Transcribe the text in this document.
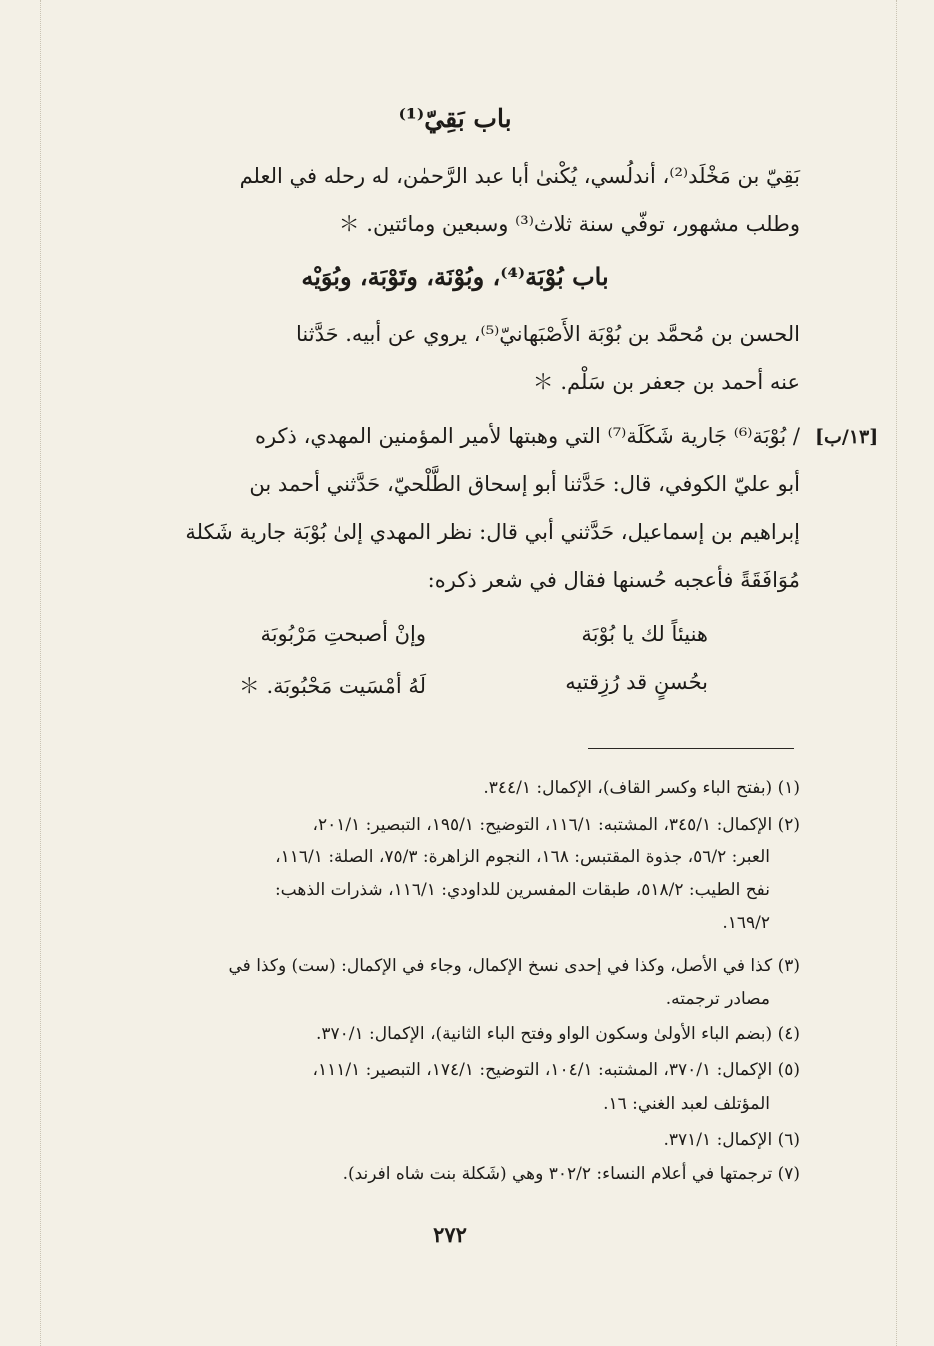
باب بَقِيّ⁽¹⁾
بَقِيّ بن مَخْلَد⁽²⁾، أندلُسي، يُكْنىٰ أبا عبد الرَّحمٰن، له رحله في العلم
وطلب مشهور، توفّي سنة ثلاث⁽³⁾ وسبعين ومائتين. ＊
باب بُوْبَة⁽⁴⁾، وبُوْنَة، وتَوْبَة، وبُوَيْه
الحسن بن مُحمَّد بن بُوْبَة الأَصْبَهانيّ⁽⁵⁾، يروي عن أبيه. حَدَّثنا
عنه أحمد بن جعفر بن سَلْم. ＊
[١٣/ب]
/ بُوْبَة⁽⁶⁾ جَارية شَكَلَة⁽⁷⁾ التي وهبتها لأمير المؤمنين المهدي، ذكره
أبو عليّ الكوفي، قال: حَدَّثنا أبو إسحاق الطَّلْحيّ، حَدَّثني أحمد بن
إبراهيم بن إسماعيل، حَدَّثني أبي قال: نظر المهدي إلىٰ بُوْبَة جارية شَكلة
مُوَافَقَةً فأعجبه حُسنها فقال في شعر ذكره:
هنيئاً لك يا بُوْبَة
وإنْ أصبحتِ مَرْبُوبَة
بحُسنٍ قد رُزِقتيه
لَهُ أمْسَيت مَحْبُوبَة. ＊
(١) (بفتح الباء وكسر القاف)، الإكمال: ٣٤٤/١.
(٢) الإكمال: ٣٤٥/١، المشتبه: ١١٦/١، التوضيح: ١٩٥/١، التبصير: ٢٠١/١،
العبر: ٥٦/٢، جذوة المقتبس: ١٦٨، النجوم الزاهرة: ٧٥/٣، الصلة: ١١٦/١،
نفح الطيب: ٥١٨/٢، طبقات المفسرين للداودي: ١١٦/١، شذرات الذهب:
١٦٩/٢.
(٣) كذا في الأصل، وكذا في إحدى نسخ الإكمال، وجاء في الإكمال: (ست) وكذا في
مصادر ترجمته.
(٤) (بضم الباء الأولىٰ وسكون الواو وفتح الباء الثانية)، الإكمال: ٣٧٠/١.
(٥) الإكمال: ٣٧٠/١، المشتبه: ١٠٤/١، التوضيح: ١٧٤/١، التبصير: ١١١/١،
المؤتلف لعبد الغني: ١٦.
(٦) الإكمال: ٣٧١/١.
(٧) ترجمتها في أعلام النساء: ٣٠٢/٢ وهي (شَكلة بنت شاه افرند).
٢٧٢
